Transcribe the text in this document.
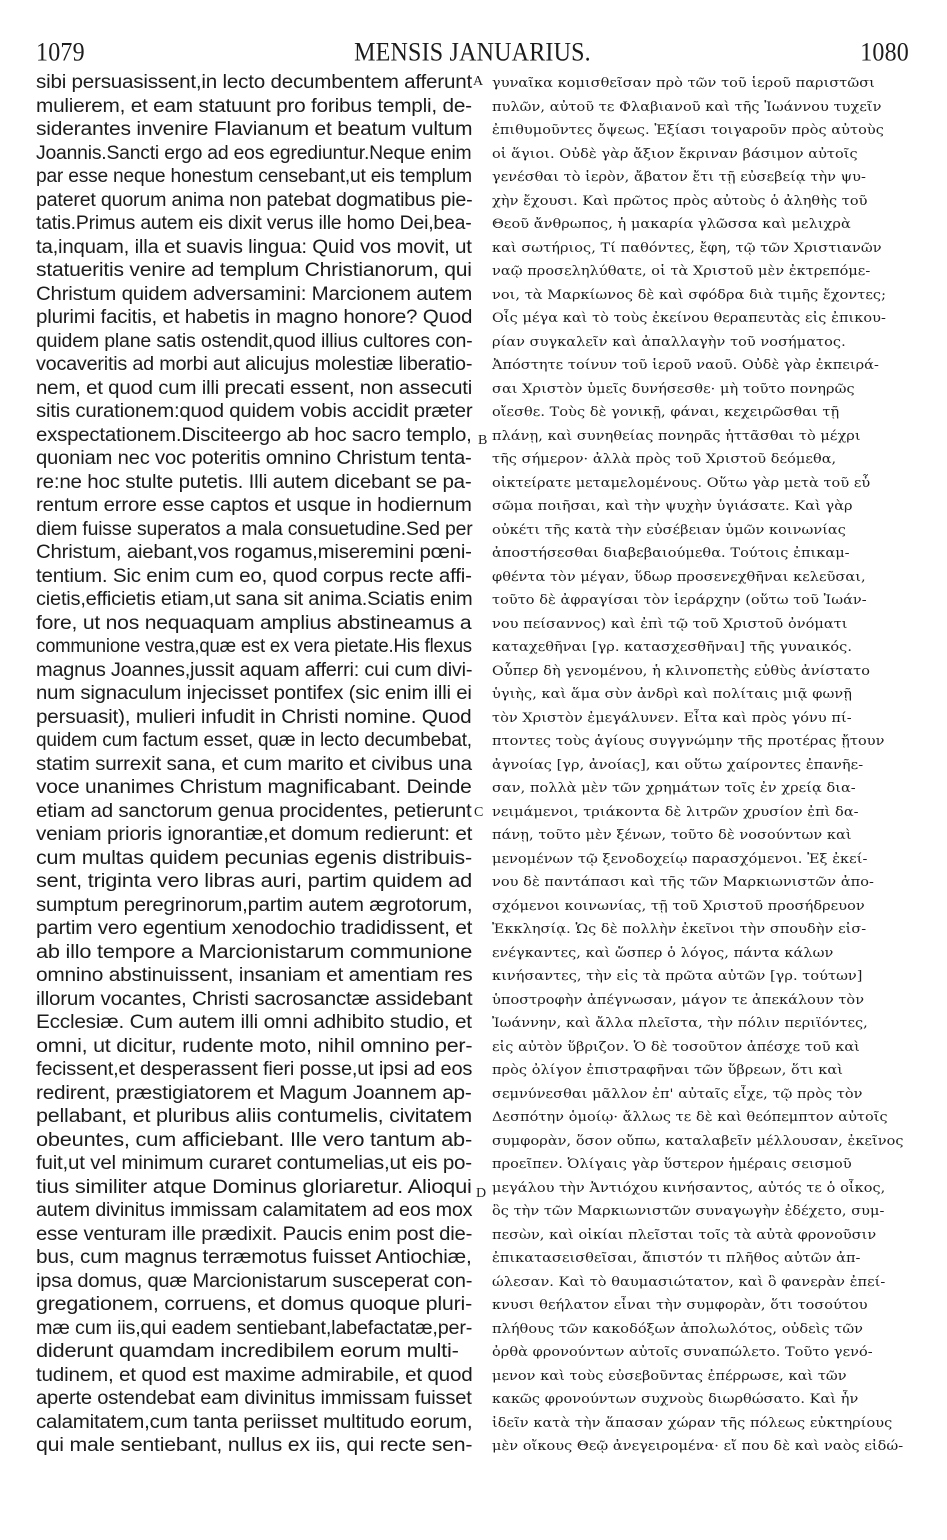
1079	MENSIS JANUARIUS.	1080
sibi persuasissent,in lecto decumbentem afferunt
mulierem, et eam statuunt pro foribus templi, de-
siderantes invenire Flavianum et beatum vultum
Joannis.Sancti ergo ad eos egrediuntur.Neque enim
par esse neque honestum censebant,ut eis templum
pateret quorum anima non patebat dogmatibus pie-
tatis.Primus autem eis dixit verus ille homo Dei,bea-
ta,inquam, illa et suavis lingua: Quid vos movit, ut
statueritis venire ad templum Christianorum, qui
Christum quidem adversamini: Marcionem autem
plurimi facitis, et habetis in magno honore? Quod
quidem plane satis ostendit,quod illius cultores con-
vocaveritis ad morbi aut alicujus molestiæ liberatio-
nem, et quod cum illi precati essent, non assecuti
sitis curationem:quod quidem vobis accidit præter
exspectationem.Disciteergo ab hoc sacro templo,
quoniam nec voc poteritis omnino Christum tenta-
re:ne hoc stulte putetis. Illi autem dicebant se pa-
rentum errore esse captos et usque in hodiernum
diem fuisse superatos a mala consuetudine.Sed per
Christum, aiebant,vos rogamus,miseremini pœni-
tentium. Sic enim cum eo, quod corpus recte affi-
cietis,efficietis etiam,ut sana sit anima.Sciatis enim
fore, ut nos nequaquam amplius abstineamus a
communione vestra,quæ est ex vera pietate.His flexus
magnus Joannes,jussit aquam afferri: cui cum divi-
num signaculum injecisset pontifex (sic enim illi ei
persuasit), mulieri infudit in Christi nomine. Quod
quidem cum factum esset, quæ in lecto decumbebat,
statim surrexit sana, et cum marito et civibus una
voce unanimes Christum magnificabant. Deinde
etiam ad sanctorum genua procidentes, petierunt
veniam prioris ignorantiæ,et domum redierunt: et
cum multas quidem pecunias egenis distribuis-
sent, triginta vero libras auri, partim quidem ad
sumptum peregrinorum,partim autem ægrotorum,
partim vero egentium xenodochio tradidissent, et
ab illo tempore a Marcionistarum communione
omnino abstinuissent, insaniam et amentiam res
illorum vocantes, Christi sacrosanctæ assidebant
Ecclesiæ. Cum autem illi omni adhibito studio, et
omni, ut dicitur, rudente moto, nihil omnino per-
fecissent,et desperassent fieri posse,ut ipsi ad eos
redirent, præstigiatorem et Magum Joannem ap-
pellabant, et pluribus aliis contumelis, civitatem
obeuntes, cum afficiebant. Ille vero tantum ab-
fuit,ut vel minimum curaret contumelias,ut eis po-
tius similiter atque Dominus gloriaretur. Alioqui
autem divinitus immissam calamitatem ad eos mox
esse venturam ille prædixit. Paucis enim post die-
bus, cum magnus terræmotus fuisset Antiochiæ,
ipsa domus, quæ Marcionistarum susceperat con-
gregationem, corruens, et domus quoque pluri-
mæ cum iis,qui eadem sentiebant,labefactatæ,per-
diderunt quamdam incredibilem eorum multi-
tudinem, et quod est maxime admirabile, et quod
aperte ostendebat eam divinitus immissam fuisset
calamitatem,cum tanta periisset multitudo eorum,
qui male sentiebant, nullus ex iis, qui recte sen-
γυναῖκα κομισθεῖσαν πρὸ τῶν τοῦ ἱεροῦ παριστῶσι
πυλῶν, αὐτοῦ τε Φλαβιανοῦ καὶ τῆς Ἰωάννου τυχεῖν
ἐπιθυμοῦντες ὄψεως. Ἐξίασι τοιγαροῦν πρὸς αὐτοὺς
οἱ ἅγιοι. Οὐδὲ γὰρ ἄξιον ἔκριναν βάσιμον αὐτοῖς
γενέσθαι τὸ ἱερὸν, ἄβατον ἔτι τῇ εὐσεβείᾳ τὴν ψυ-
χὴν ἔχουσι. Καὶ πρῶτος πρὸς αὐτοὺς ὁ ἀληθὴς τοῦ
Θεοῦ ἄνθρωπος, ἡ μακαρία γλῶσσα καὶ μελιχρὰ
καὶ σωτήριος, Τί παθόντες, ἔφη, τῷ τῶν Χριστιανῶν
ναῷ προσεληλύθατε, οἱ τὰ Χριστοῦ μὲν ἐκτρεπόμε-
νοι, τὰ Μαρκίωνος δὲ καὶ σφόδρα διὰ τιμῆς ἔχοντες;
Οἷς μέγα καὶ τὸ τοὺς ἐκείνου θεραπευτὰς εἰς ἐπικου-
ρίαν συγκαλεῖν καὶ ἀπαλλαγὴν τοῦ νοσήματος.
Ἀπόστητε τοίνυν τοῦ ἱεροῦ ναοῦ. Οὐδὲ γὰρ ἐκπειρά-
σαι Χριστὸν ὑμεῖς δυνήσεσθε· μὴ τοῦτο πονηρῶς
οἴεσθε. Τοὺς δὲ γονικῇ, φάναι, κεχειρῶσθαι τῇ
πλάνῃ, καὶ συνηθείας πονηρᾶς ἡττᾶσθαι τὸ μέχρι
τῆς σήμερον· ἀλλὰ πρὸς τοῦ Χριστοῦ δεόμεθα,
οἰκτείρατε μεταμελομένους. Οὕτω γὰρ μετὰ τοῦ εὖ
σῶμα ποιῆσαι, καὶ τὴν ψυχὴν ὑγιάσατε. Καὶ γὰρ
οὐκέτι τῆς κατὰ τὴν εὐσέβειαν ὑμῶν κοινωνίας
ἀποστήσεσθαι διαβεβαιούμεθα. Τούτοις ἐπικαμ-
φθέντα τὸν μέγαν, ὕδωρ προσενεχθῆναι κελεῦσαι,
τοῦτο δὲ ἀφραγίσαι τὸν ἱεράρχην (οὕτω τοῦ Ἰωάν-
νου πείσαννος) καὶ ἐπὶ τῷ τοῦ Χριστοῦ ὀνόματι
καταχεθῆναι [γρ. κατασχεσθῆναι] τῆς γυναικός.
Οὗπερ δὴ γενομένου, ἡ κλινοπετὴς εὐθὺς ἀνίστατο
ὑγιὴς, καὶ ἅμα σὺν ἀνδρὶ καὶ πολίταις μιᾷ φωνῇ
τὸν Χριστὸν ἐμεγάλυνεν. Εἶτα καὶ πρὸς γόνυ πί-
πτοντες τοὺς ἁγίους συγγνώμην τῆς προτέρας ᾔτουν
ἀγνοίας [γρ, ἀνοίας], και οὕτω χαίροντες ἐπανῆε-
σαν, πολλὰ μὲν τῶν χρημάτων τοῖς ἐν χρείᾳ δια-
νειμάμενοι, τριάκοντα δὲ λιτρῶν χρυσίον ἐπὶ δα-
πάνῃ, τοῦτο μὲν ξένων, τοῦτο δὲ νοσούντων καὶ
μενομένων τῷ ξενοδοχείῳ παρασχόμενοι. Ἐξ ἐκεί-
νου δὲ παντάπασι καὶ τῆς τῶν Μαρκιωνιστῶν ἀπο-
σχόμενοι κοινωνίας, τῇ τοῦ Χριστοῦ προσήδρευον
Ἐκκλησίᾳ. Ὡς δὲ πολλὴν ἐκεῖνοι τὴν σπουδὴν εἰσ-
ενέγκαντες, καὶ ὥσπερ ὁ λόγος, πάντα κάλων
κινήσαντες, τὴν εἰς τὰ πρῶτα αὐτῶν [γρ. τούτων]
ὑποστροφὴν ἀπέγνωσαν, μάγον τε ἀπεκάλουν τὸν
Ἰωάννην, καὶ ἄλλα πλεῖστα, τὴν πόλιν περιϊόντες,
εἰς αὐτὸν ὕβριζον. Ὁ δὲ τοσοῦτον ἀπέσχε τοῦ καὶ
πρὸς ὀλίγον ἐπιστραφῆναι τῶν ὕβρεων, ὅτι καὶ
σεμνύνεσθαι μᾶλλον ἐπ' αὐταῖς εἶχε, τῷ πρὸς τὸν
Δεσπότην ὁμοίῳ· ἄλλως τε δὲ καὶ θεόπεμπτον αὐτοῖς
συμφορὰν, ὅσον οὔπω, καταλαβεῖν μέλλουσαν, ἐκεῖνος
προεῖπεν. Ὀλίγαις γὰρ ὕστερον ἡμέραις σεισμοῦ
μεγάλου τὴν Ἀντιόχου κινήσαντος, αὐτός τε ὁ οἶκος,
ὃς τὴν τῶν Μαρκιωνιστῶν συναγωγὴν ἐδέχετο, συμ-
πεσὼν, καὶ οἰκίαι πλεῖσται τοῖς τὰ αὐτὰ φρονοῦσιν
ἐπικατασεισθεῖσαι, ἄπιστόν τι πλῆθος αὐτῶν ἀπ-
ώλεσαν. Καὶ τὸ θαυμασιώτατον, καὶ ὃ φανερὰν ἐπεί-
κνυσι θεήλατον εἶναι τὴν συμφορὰν, ὅτι τοσούτου
πλήθους τῶν κακοδόξων ἀπολωλότος, οὐδεὶς τῶν
ὀρθὰ φρονούντων αὐτοῖς συναπώλετο. Τοῦτο γενό-
μενον καὶ τοὺς εὐσεβοῦντας ἐπέρρωσε, καὶ τῶν
κακῶς φρονούντων συχνοὺς διωρθώσατο. Καὶ ἦν
ἰδεῖν κατὰ τὴν ἅπασαν χώραν τῆς πόλεως εὐκτηρίους
μὲν οἴκους Θεῷ ἀνεγειρομένα· εἴ που δὲ καὶ ναὸς εἰδώ-
A
B
C
D
